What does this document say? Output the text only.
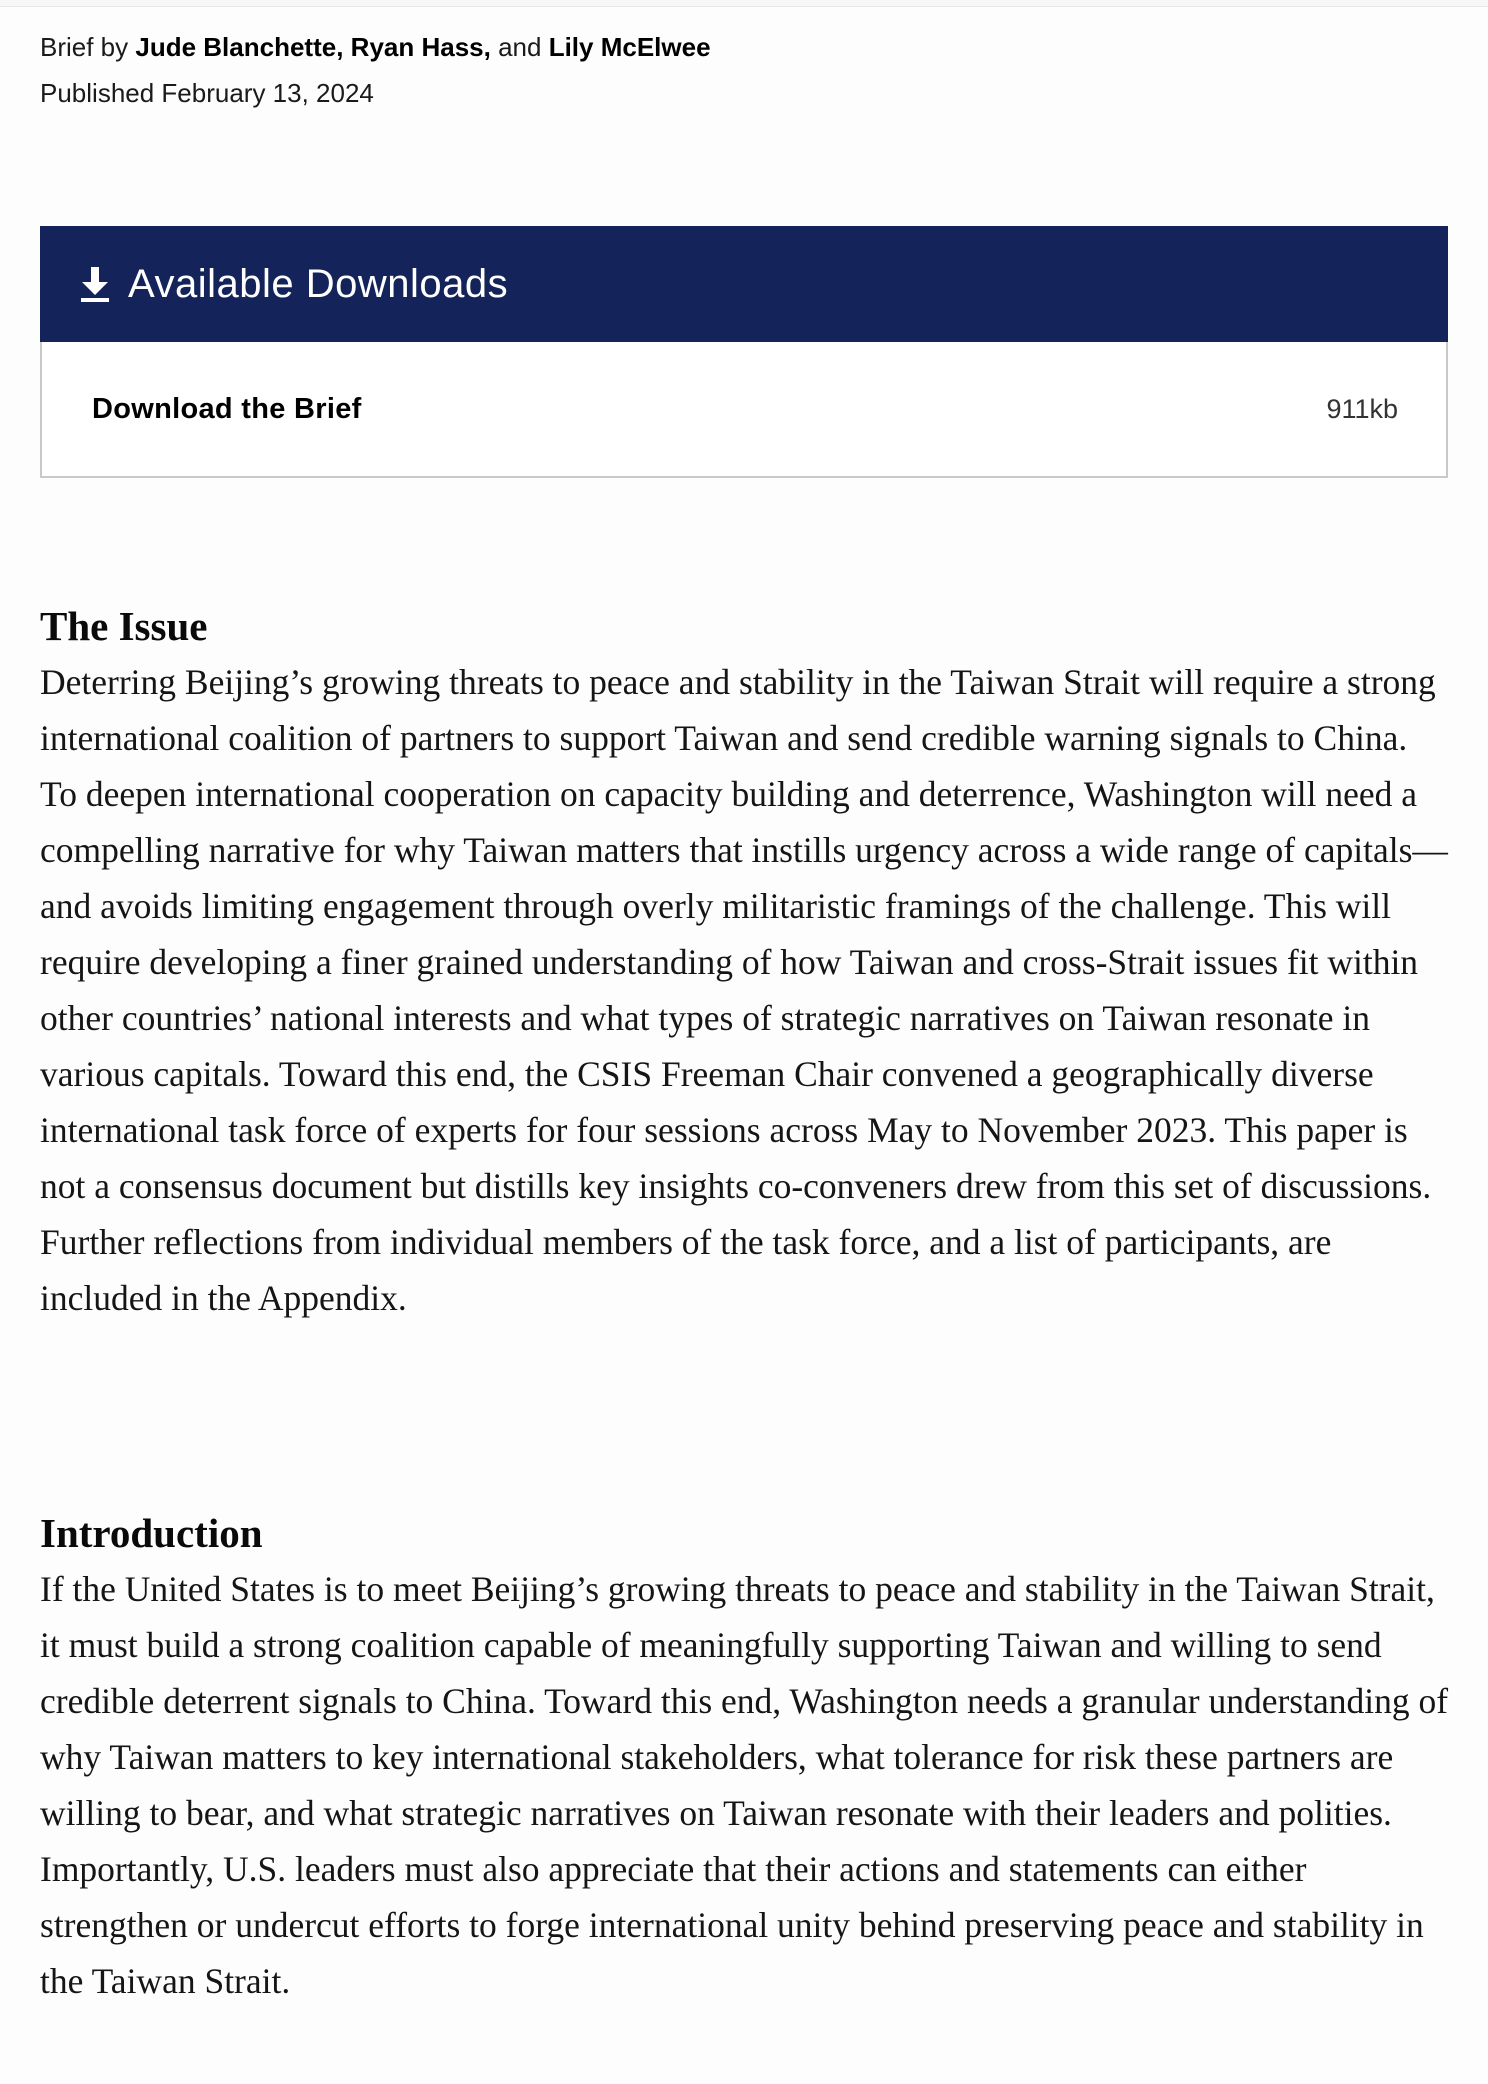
Brief by Jude Blanchette, Ryan Hass, and Lily McElwee
Published February 13, 2024
Available Downloads
Download the Brief	911kb
The Issue

Deterring Beijing’s growing threats to peace and stability in the Taiwan Strait will require a strong international coalition of partners to support Taiwan and send credible warning signals to China. To deepen international cooperation on capacity building and deterrence, Washington will need a compelling narrative for why Taiwan matters that instills urgency across a wide range of capitals—and avoids limiting engagement through overly militaristic framings of the challenge. This will require developing a finer grained understanding of how Taiwan and cross-Strait issues fit within other countries’ national interests and what types of strategic narratives on Taiwan resonate in various capitals. Toward this end, the CSIS Freeman Chair convened a geographically diverse international task force of experts for four sessions across May to November 2023. This paper is not a consensus document but distills key insights co-conveners drew from this set of discussions. Further reflections from individual members of the task force, and a list of participants, are included in the Appendix.

Introduction

If the United States is to meet Beijing’s growing threats to peace and stability in the Taiwan Strait, it must build a strong coalition capable of meaningfully supporting Taiwan and willing to send credible deterrent signals to China. Toward this end, Washington needs a granular understanding of why Taiwan matters to key international stakeholders, what tolerance for risk these partners are willing to bear, and what strategic narratives on Taiwan resonate with their leaders and polities. Importantly, U.S. leaders must also appreciate that their actions and statements can either strengthen or undercut efforts to forge international unity behind preserving peace and stability in the Taiwan Strait.
